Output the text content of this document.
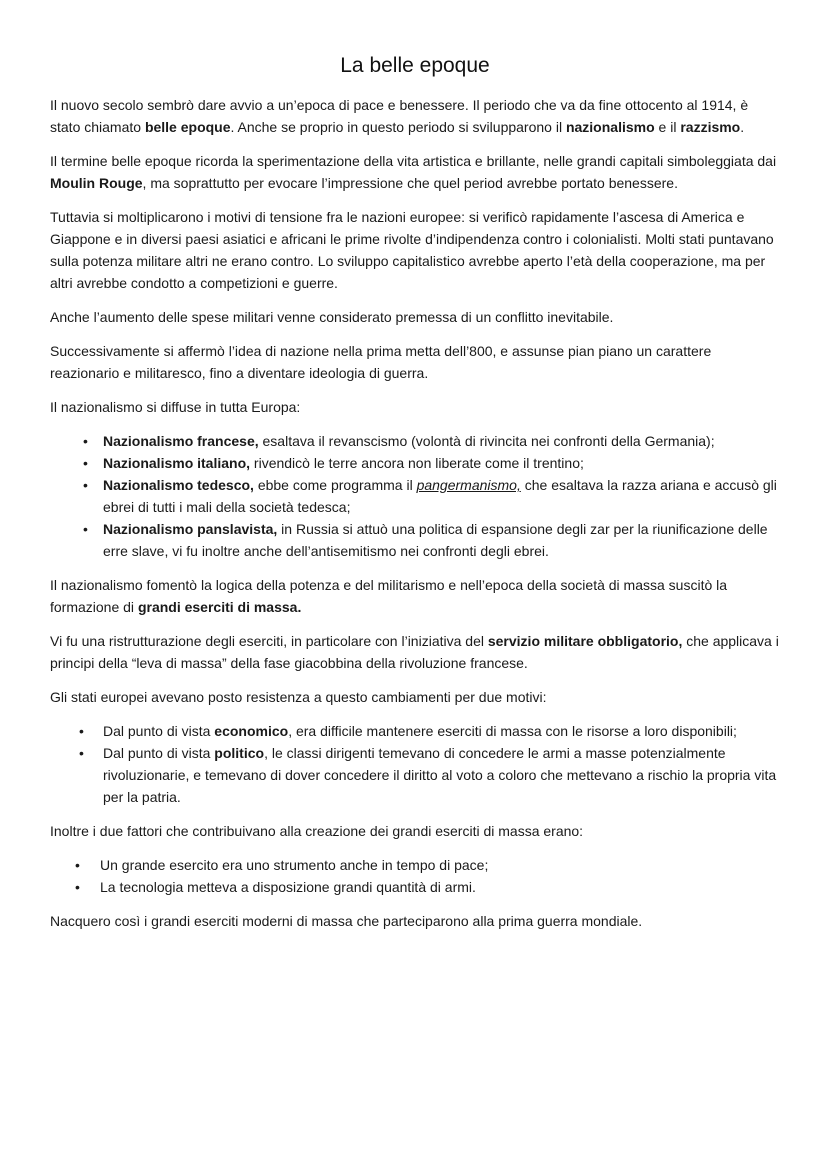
La belle epoque

Il nuovo secolo sembrò dare avvio a un’epoca di pace e benessere. Il periodo che va da fine ottocento al 1914, è stato chiamato belle epoque. Anche se proprio in questo periodo si svilupparono il nazionalismo e il razzismo.

Il termine belle epoque ricorda la sperimentazione della vita artistica e brillante, nelle grandi capitali simboleggiata dai Moulin Rouge, ma soprattutto per evocare l’impressione che quel period avrebbe portato benessere.

Tuttavia si moltiplicarono i motivi di tensione fra le nazioni europee: si verificò rapidamente l’ascesa di America e Giappone e in diversi paesi asiatici e africani le prime rivolte d’indipendenza contro i colonialisti. Molti stati puntavano sulla potenza militare altri ne erano contro. Lo sviluppo capitalistico avrebbe aperto l’età della cooperazione, ma per altri avrebbe condotto a competizioni e guerre.

Anche l’aumento delle spese militari venne considerato premessa di un conflitto inevitabile.

Successivamente si affermò l’idea di nazione nella prima metta dell’800, e assunse pian piano un carattere reazionario e militaresco, fino a diventare ideologia di guerra.

Il nazionalismo si diffuse in tutta Europa:

• Nazionalismo francese, esaltava il revanscismo (volontà di rivincita nei confronti della Germania);
• Nazionalismo italiano, rivendicò le terre ancora non liberate come il trentino;
• Nazionalismo tedesco, ebbe come programma il pangermanismo, che esaltava la razza ariana e accusò gli ebrei di tutti i mali della società tedesca;
• Nazionalismo panslavista, in Russia si attuò una politica di espansione degli zar per la riunificazione delle erre slave, vi fu inoltre anche dell’antisemitismo nei confronti degli ebrei.

Il nazionalismo fomentò la logica della potenza e del militarismo e nell’epoca della società di massa suscitò la formazione di grandi eserciti di massa.

Vi fu una ristrutturazione degli eserciti, in particolare con l’iniziativa del servizio militare obbligatorio, che applicava i principi della “leva di massa” della fase giacobbina della rivoluzione francese.

Gli stati europei avevano posto resistenza a questo cambiamenti per due motivi:

• Dal punto di vista economico, era difficile mantenere eserciti di massa con le risorse a loro disponibili;
• Dal punto di vista politico, le classi dirigenti temevano di concedere le armi a masse potenzialmente rivoluzionarie, e temevano di dover concedere il diritto al voto a coloro che mettevano a rischio la propria vita per la patria.

Inoltre i due fattori che contribuivano alla creazione dei grandi eserciti di massa erano:

• Un grande esercito era uno strumento anche in tempo di pace;
• La tecnologia metteva a disposizione grandi quantità di armi.

Nacquero così i grandi eserciti moderni di massa che parteciparono alla prima guerra mondiale.
